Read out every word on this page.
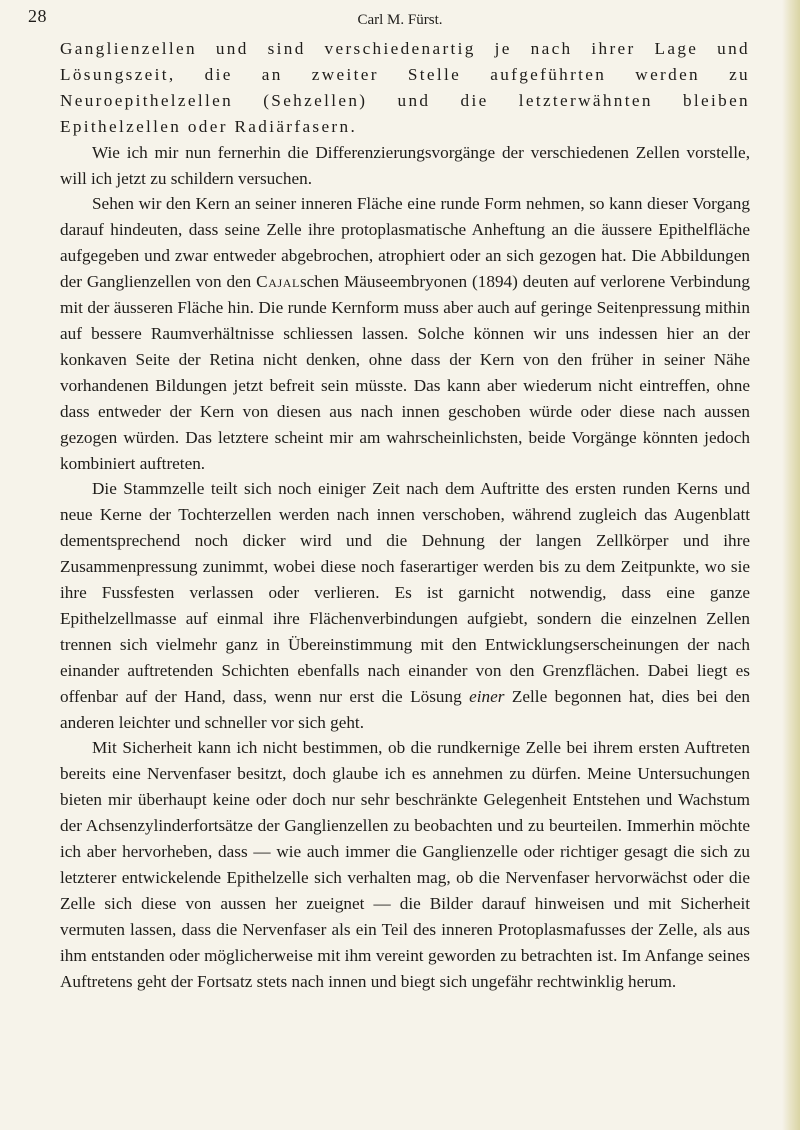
28	Carl M. Fürst.

Ganglienzellen und sind verschiedenartig je nach ihrer Lage und Lösungszeit, die an zweiter Stelle aufgeführten werden zu Neuroepithelzellen (Sehzellen) und die letzterwähnten bleiben Epithelzellen oder Radiärfasern.

Wie ich mir nun fernerhin die Differenzierungsvorgänge der verschiedenen Zellen vorstelle, will ich jetzt zu schildern versuchen.

Sehen wir den Kern an seiner inneren Fläche eine runde Form nehmen, so kann dieser Vorgang darauf hindeuten, dass seine Zelle ihre protoplasmatische Anheftung an die äussere Epithelfläche aufgegeben und zwar entweder abgebrochen, atrophiert oder an sich gezogen hat. Die Abbildungen der Ganglienzellen von den Cajalschen Mäuseembryonen (1894) deuten auf verlorene Verbindung mit der äusseren Fläche hin. Die runde Kernform muss aber auch auf geringe Seitenpressung mithin auf bessere Raumverhältnisse schliessen lassen. Solche können wir uns indessen hier an der konkaven Seite der Retina nicht denken, ohne dass der Kern von den früher in seiner Nähe vorhandenen Bildungen jetzt befreit sein müsste. Das kann aber wiederum nicht eintreffen, ohne dass entweder der Kern von diesen aus nach innen geschoben würde oder diese nach aussen gezogen würden. Das letztere scheint mir am wahrscheinlichsten, beide Vorgänge könnten jedoch kombiniert auftreten.

Die Stammzelle teilt sich noch einiger Zeit nach dem Auftritte des ersten runden Kerns und neue Kerne der Tochterzellen werden nach innen verschoben, während zugleich das Augenblatt dementsprechend noch dicker wird und die Dehnung der langen Zellkörper und ihre Zusammenpressung zunimmt, wobei diese noch faserartiger werden bis zu dem Zeitpunkte, wo sie ihre Fussfesten verlassen oder verlieren. Es ist garnicht notwendig, dass eine ganze Epithelzellmasse auf einmal ihre Flächenverbindungen aufgiebt, sondern die einzelnen Zellen trennen sich vielmehr ganz in Übereinstimmung mit den Entwicklungserscheinungen der nach einander auftretenden Schichten ebenfalls nach einander von den Grenzflächen. Dabei liegt es offenbar auf der Hand, dass, wenn nur erst die Lösung einer Zelle begonnen hat, dies bei den anderen leichter und schneller vor sich geht.

Mit Sicherheit kann ich nicht bestimmen, ob die rundkernige Zelle bei ihrem ersten Auftreten bereits eine Nervenfaser besitzt, doch glaube ich es annehmen zu dürfen. Meine Untersuchungen bieten mir überhaupt keine oder doch nur sehr beschränkte Gelegenheit Entstehen und Wachstum der Achsenzylinderfortsätze der Ganglienzellen zu beobachten und zu beurteilen. Immerhin möchte ich aber hervorheben, dass — wie auch immer die Ganglienzelle oder richtiger gesagt die sich zu letzterer entwickelende Epithelzelle sich verhalten mag, ob die Nervenfaser hervorwächst oder die Zelle sich diese von aussen her zueignet — die Bilder darauf hinweisen und mit Sicherheit vermuten lassen, dass die Nervenfaser als ein Teil des inneren Protoplasmafusses der Zelle, als aus ihm entstanden oder möglicherweise mit ihm vereint geworden zu betrachten ist. Im Anfange seines Auftretens geht der Fortsatz stets nach innen und biegt sich ungefähr rechtwinklig herum.
